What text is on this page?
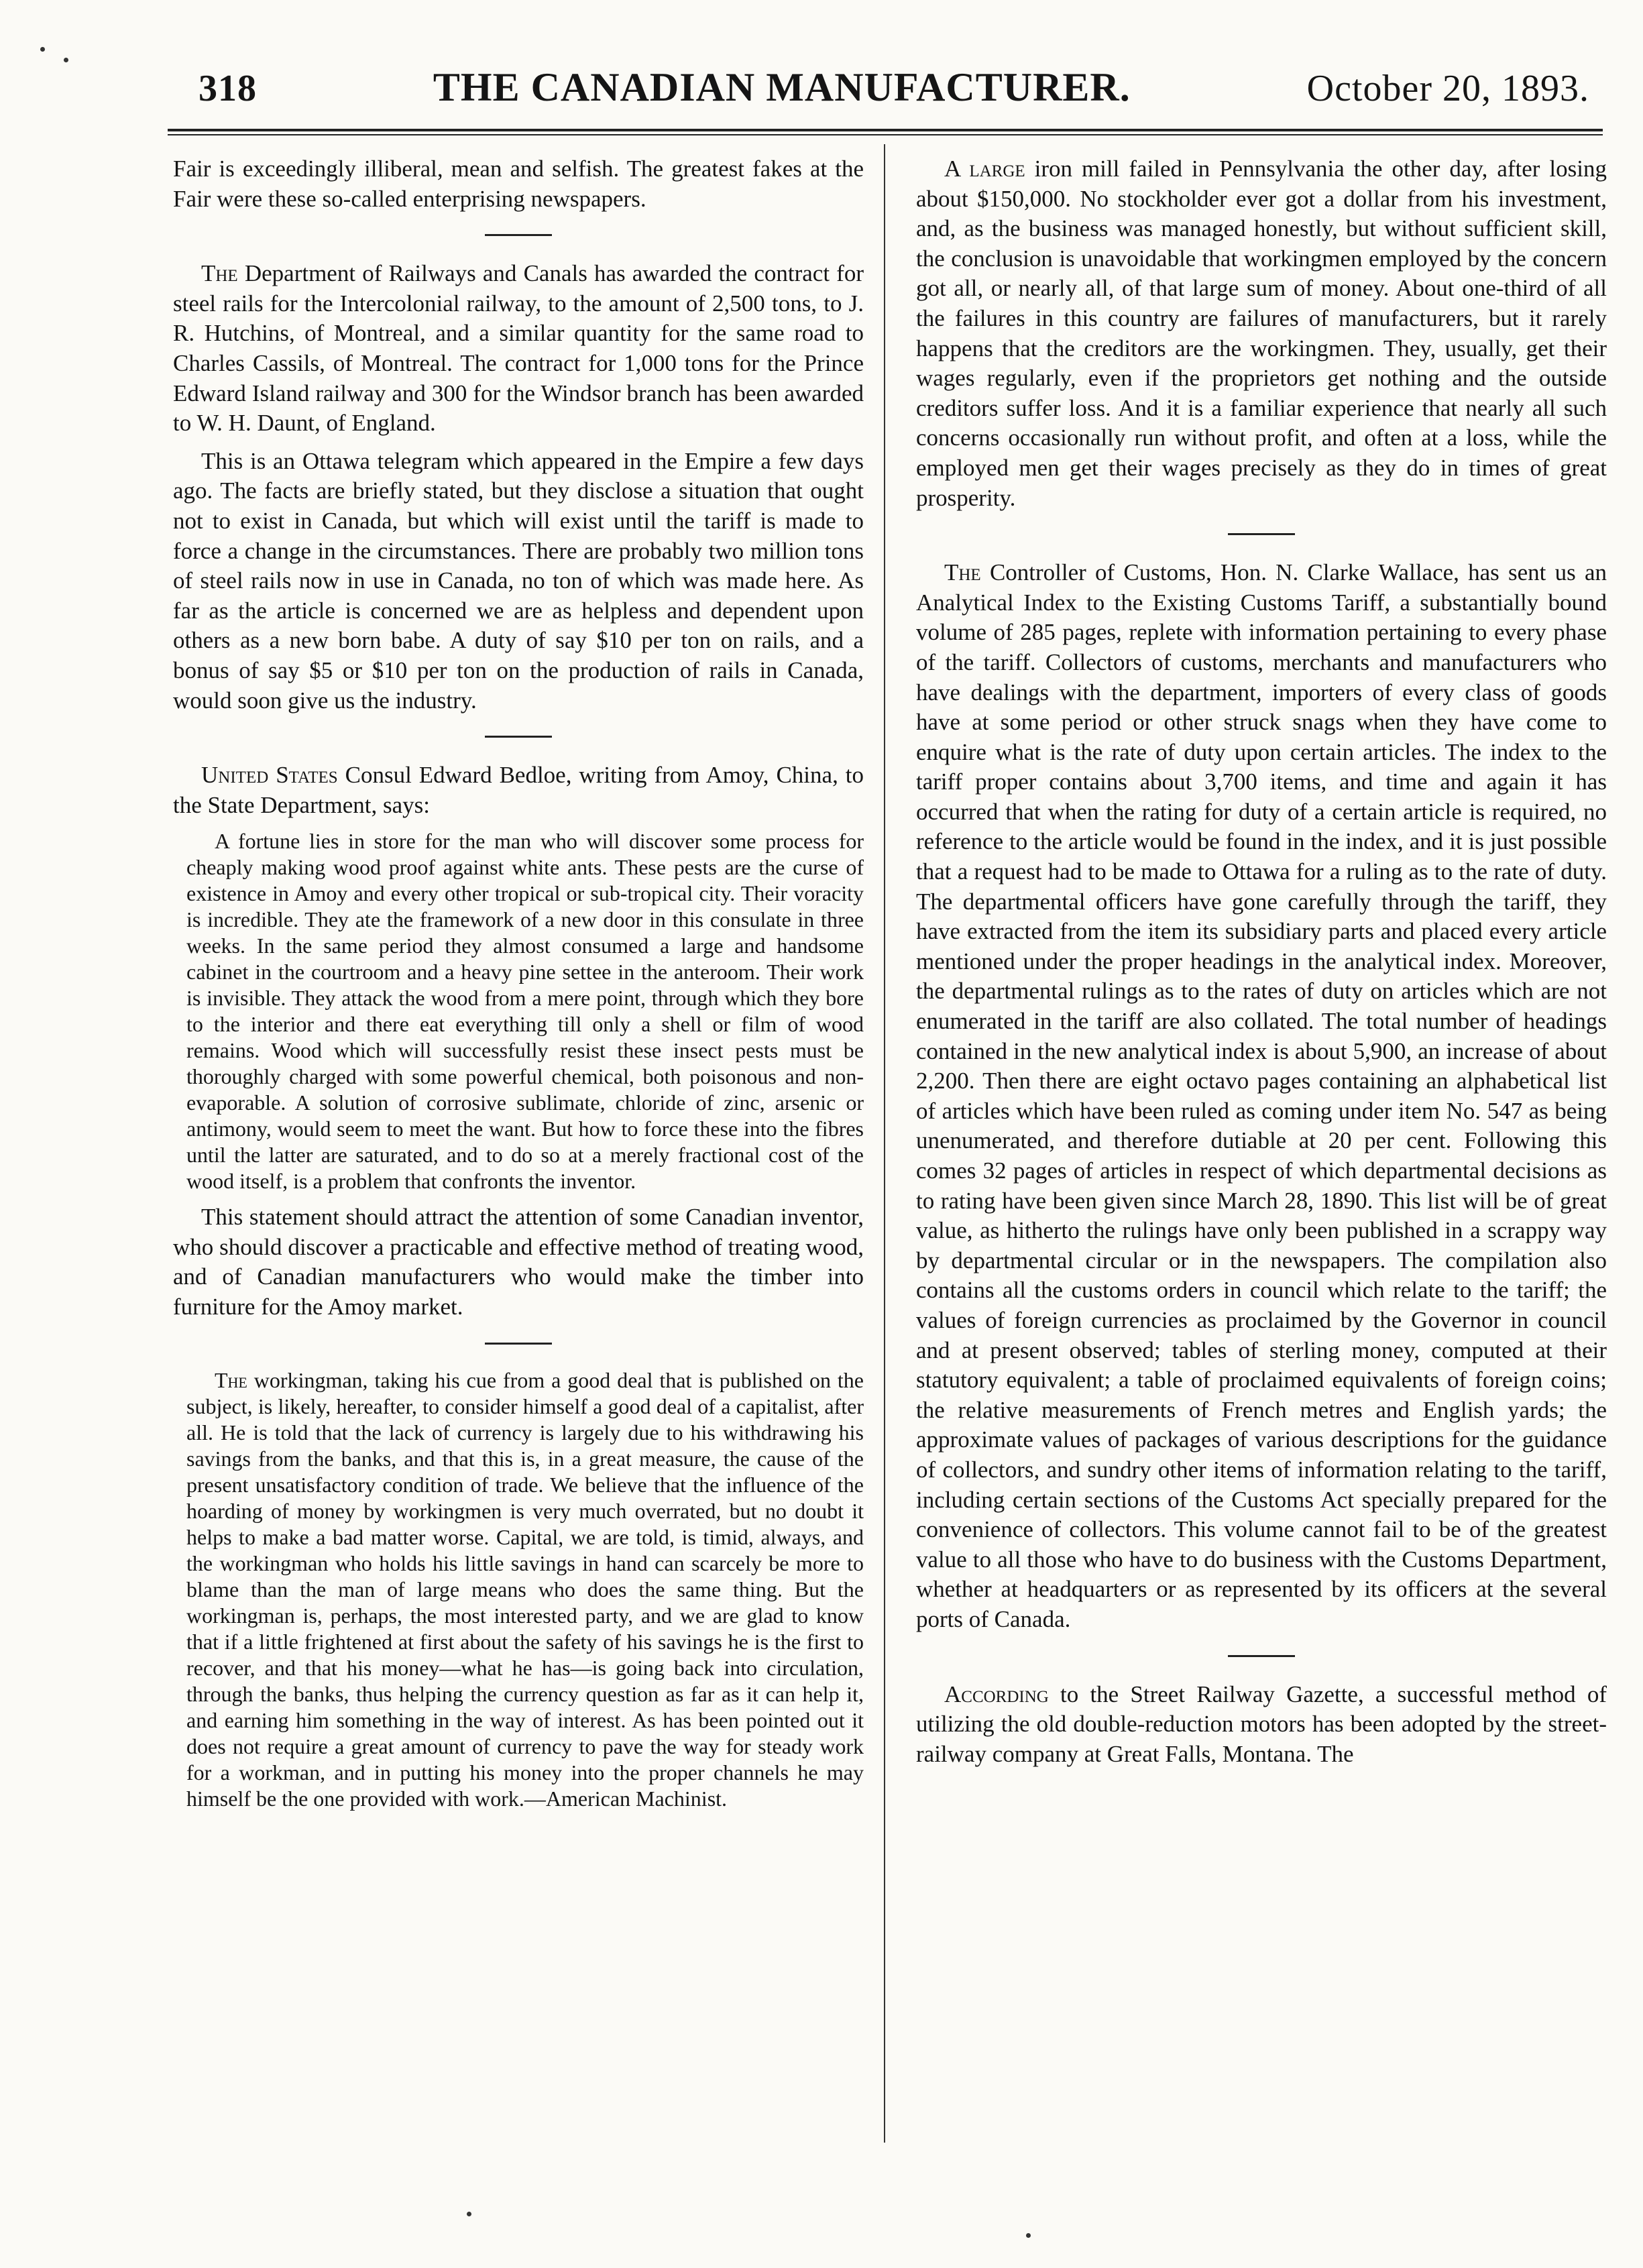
318	THE CANADIAN MANUFACTURER.	October 20, 1893.

Fair is exceedingly illiberal, mean and selfish. The greatest fakes at the Fair were these so-called enterprising newspapers.

The Department of Railways and Canals has awarded the contract for steel rails for the Intercolonial railway, to the amount of 2,500 tons, to J. R. Hutchins, of Montreal, and a similar quantity for the same road to Charles Cassils, of Montreal. The contract for 1,000 tons for the Prince Edward Island railway and 300 for the Windsor branch has been awarded to W. H. Daunt, of England.

This is an Ottawa telegram which appeared in the Empire a few days ago. The facts are briefly stated, but they disclose a situation that ought not to exist in Canada, but which will exist until the tariff is made to force a change in the circumstances. There are probably two million tons of steel rails now in use in Canada, no ton of which was made here. As far as the article is concerned we are as helpless and dependent upon others as a new born babe. A duty of say $10 per ton on rails, and a bonus of say $5 or $10 per ton on the production of rails in Canada, would soon give us the industry.

United States Consul Edward Bedloe, writing from Amoy, China, to the State Department, says:

A fortune lies in store for the man who will discover some process for cheaply making wood proof against white ants. These pests are the curse of existence in Amoy and every other tropical or sub-tropical city. Their voracity is incredible. They ate the framework of a new door in this consulate in three weeks. In the same period they almost consumed a large and handsome cabinet in the courtroom and a heavy pine settee in the anteroom. Their work is invisible. They attack the wood from a mere point, through which they bore to the interior and there eat everything till only a shell or film of wood remains. Wood which will successfully resist these insect pests must be thoroughly charged with some powerful chemical, both poisonous and non-evaporable. A solution of corrosive sublimate, chloride of zinc, arsenic or antimony, would seem to meet the want. But how to force these into the fibres until the latter are saturated, and to do so at a merely fractional cost of the wood itself, is a problem that confronts the inventor.

This statement should attract the attention of some Canadian inventor, who should discover a practicable and effective method of treating wood, and of Canadian manufacturers who would make the timber into furniture for the Amoy market.

The workingman, taking his cue from a good deal that is published on the subject, is likely, hereafter, to consider himself a good deal of a capitalist, after all. He is told that the lack of currency is largely due to his withdrawing his savings from the banks, and that this is, in a great measure, the cause of the present unsatisfactory condition of trade. We believe that the influence of the hoarding of money by workingmen is very much overrated, but no doubt it helps to make a bad matter worse. Capital, we are told, is timid, always, and the workingman who holds his little savings in hand can scarcely be more to blame than the man of large means who does the same thing. But the workingman is, perhaps, the most interested party, and we are glad to know that if a little frightened at first about the safety of his savings he is the first to recover, and that his money—what he has—is going back into circulation, through the banks, thus helping the currency question as far as it can help it, and earning him something in the way of interest. As has been pointed out it does not require a great amount of currency to pave the way for steady work for a workman, and in putting his money into the proper channels he may himself be the one provided with work.—American Machinist.

A large iron mill failed in Pennsylvania the other day, after losing about $150,000. No stockholder ever got a dollar from his investment, and, as the business was managed honestly, but without sufficient skill, the conclusion is unavoidable that workingmen employed by the concern got all, or nearly all, of that large sum of money. About one-third of all the failures in this country are failures of manufacturers, but it rarely happens that the creditors are the workingmen. They, usually, get their wages regularly, even if the proprietors get nothing and the outside creditors suffer loss. And it is a familiar experience that nearly all such concerns occasionally run without profit, and often at a loss, while the employed men get their wages precisely as they do in times of great prosperity.

The Controller of Customs, Hon. N. Clarke Wallace, has sent us an Analytical Index to the Existing Customs Tariff, a substantially bound volume of 285 pages, replete with information pertaining to every phase of the tariff. Collectors of customs, merchants and manufacturers who have dealings with the department, importers of every class of goods have at some period or other struck snags when they have come to enquire what is the rate of duty upon certain articles. The index to the tariff proper contains about 3,700 items, and time and again it has occurred that when the rating for duty of a certain article is required, no reference to the article would be found in the index, and it is just possible that a request had to be made to Ottawa for a ruling as to the rate of duty. The departmental officers have gone carefully through the tariff, they have extracted from the item its subsidiary parts and placed every article mentioned under the proper headings in the analytical index. Moreover, the departmental rulings as to the rates of duty on articles which are not enumerated in the tariff are also collated. The total number of headings contained in the new analytical index is about 5,900, an increase of about 2,200. Then there are eight octavo pages containing an alphabetical list of articles which have been ruled as coming under item No. 547 as being unenumerated, and therefore dutiable at 20 per cent. Following this comes 32 pages of articles in respect of which departmental decisions as to rating have been given since March 28, 1890. This list will be of great value, as hitherto the rulings have only been published in a scrappy way by departmental circular or in the newspapers. The compilation also contains all the customs orders in council which relate to the tariff; the values of foreign currencies as proclaimed by the Governor in council and at present observed; tables of sterling money, computed at their statutory equivalent; a table of proclaimed equivalents of foreign coins; the relative measurements of French metres and English yards; the approximate values of packages of various descriptions for the guidance of collectors, and sundry other items of information relating to the tariff, including certain sections of the Customs Act specially prepared for the convenience of collectors. This volume cannot fail to be of the greatest value to all those who have to do business with the Customs Department, whether at headquarters or as represented by its officers at the several ports of Canada.

According to the Street Railway Gazette, a successful method of utilizing the old double-reduction motors has been adopted by the street-railway company at Great Falls, Montana. The
